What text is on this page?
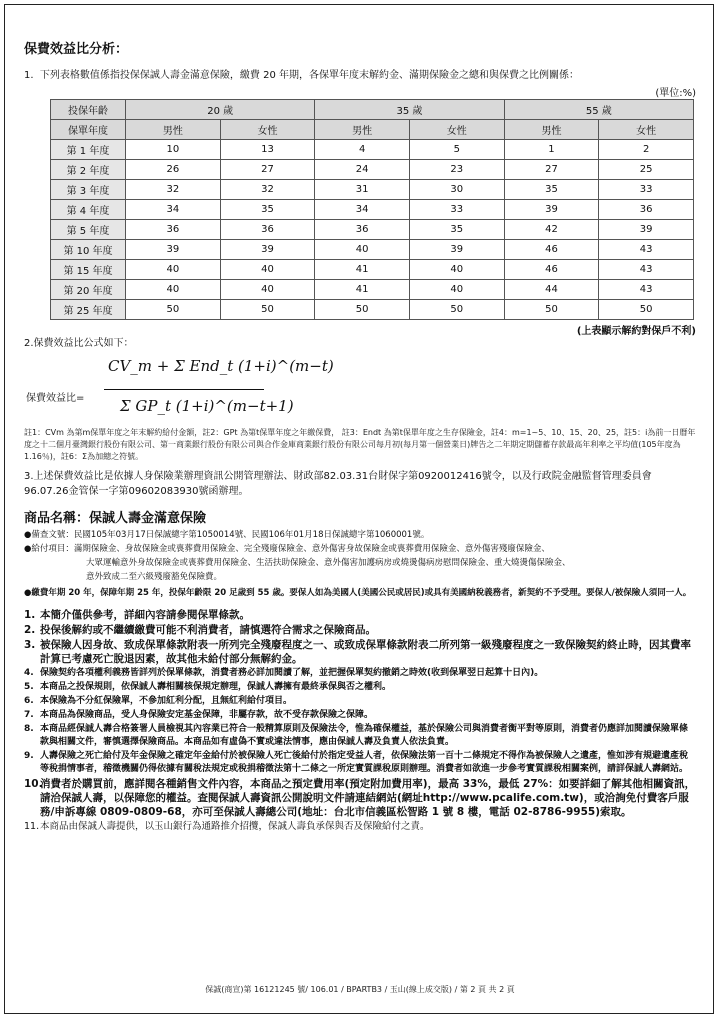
保費效益比分析：

1. 下列表格數值係指投保保誠人壽金滿意保險，繳費 20 年期，各保單年度末解約金、滿期保險金之總和與保費之比例關係：

(單位:%)
投保年齡	20 歲		35 歲		55 歲	
保單年度	男性	女性	男性	女性	男性	女性
第 1 年度	10	13	4	5	1	2
第 2 年度	26	27	24	23	27	25
第 3 年度	32	32	31	30	35	33
第 4 年度	34	35	34	33	39	36
第 5 年度	36	36	36	35	42	39
第 10 年度	39	39	40	39	46	43
第 15 年度	40	40	41	40	46	43
第 20 年度	40	40	41	40	44	43
第 25 年度	50	50	50	50	50	50
(上表顯示解約對保戶不利)

2.保費效益比公式如下：

保費效益比=
CV_m + Σ End_t (1+i)^(m−t)
Σ GP_t (1+i)^(m−t+1)

註1：CVm 為第m保單年度之年末解約給付金額，註2：GPt 為第t保單年度之年繳保費， 註3：Endt 為第t保單年度之生存保險金，註4：m=1~5、10、15、20、25，註5：i為前一日曆年度之十二個月臺灣銀行股份有限公司、第一商業銀行股份有限公司與合作金庫商業銀行股份有限公司每月初(每月第一個營業日)牌告之二年期定期儲蓄存款最高年利率之平均值(105年度為1.16％)，註6：Σ為加總之符號。

3.上述保費效益比是依據人身保險業辦理資訊公開管理辦法、財政部82.03.31台財保字第0920012416號令，以及行政院金融監督管理委員會96.07.26金管保一字第09602083930號函辦理。

商品名稱：保誠人壽金滿意保險

●備查文號：民國105年03月17日保誠總字第1050014號、民國106年01月18日保誠總字第1060001號。

●給付項目：滿期保險金、身故保險金或喪葬費用保險金、完全殘廢保險金、意外傷害身故保險金或喪葬費用保險金、意外傷害殘廢保險金、
大眾運輸意外身故保險金或喪葬費用保險金、生活扶助保險金、意外傷害加護病房或燒燙傷病房慰問保險金、重大燒燙傷保險金、
意外致成二至六級殘廢豁免保險費。

●繳費年期 20 年，保障年期 25 年，投保年齡限 20 足歲到 55 歲。要保人如為美國人(美國公民或居民)或具有美國納稅義務者，新契約不予受理。要保人/被保險人須同一人。

1. 本簡介僅供參考，詳細內容請參閱保單條款。
2. 投保後解約或不繼續繳費可能不利消費者，請慎選符合需求之保險商品。
3. 被保險人因身故、致成保單條款附表一所列完全殘廢程度之一、或致成保單條款附表二所列第一級殘廢程度之一致保險契約終止時，因其費率計算已考慮死亡脫退因素，故其他未給付部分無解約金。
4. 保險契約各項權利義務皆詳列於保單條款，消費者務必詳加閱讀了解，並把握保單契約撤銷之時效(收到保單翌日起算十日內)。
5. 本商品之投保規則，依保誠人壽相關核保規定辦理，保誠人壽擁有最終承保與否之權利。
6. 本保險為不分紅保險單，不參加紅利分配，且無紅利給付項目。
7. 本商品為保險商品，受人身保險安定基金保障，非屬存款，故不受存款保險之保障。
8. 本商品經保誠人壽合格簽署人員檢視其內容業已符合一般精算原則及保險法令，惟為確保權益，基於保險公司與消費者衡平對等原則，消費者仍應詳加閱讀保險單條款與相關文件，審慎選擇保險商品。本商品如有虛偽不實或違法情事，應由保誠人壽及負責人依法負責。
9. 人壽保險之死亡給付及年金保險之確定年金給付於被保險人死亡後給付於指定受益人者，依保險法第一百十二條規定不得作為被保險人之遺產，惟如涉有規避遺產稅等稅捐情事者，稽徵機關仍得依據有關稅法規定或稅捐稽徵法第十二條之一所定實質課稅原則辦理。消費者如欲進一步參考實質課稅相關案例，請詳保誠人壽網站。
10.
消費者於購買前，應詳閱各種銷售文件內容，本商品之預定費用率(預定附加費用率)，最高 33%，最低 27%：如要詳細了解其他相關資訊，請洽保誠人壽，以保障您的權益。查閱保誠人壽資訊公開說明文件請連結網站(網址http://www.pcalife.com.tw)，或洽詢免付費客戶服務/申訴專線 0809-0809-68，亦可至保誠人壽總公司(地址：台北市信義區松智路 1 號 8 樓，電話 02-8786-9955)索取。
11. 本商品由保誠人壽提供，以玉山銀行為通路推介招攬，保誠人壽負承保與否及保險給付之責。
保誠(商宣)第 16121245 號/ 106.01 / BPARTB3 / 玉山(線上成交版) / 第 2 頁 共 2 頁
